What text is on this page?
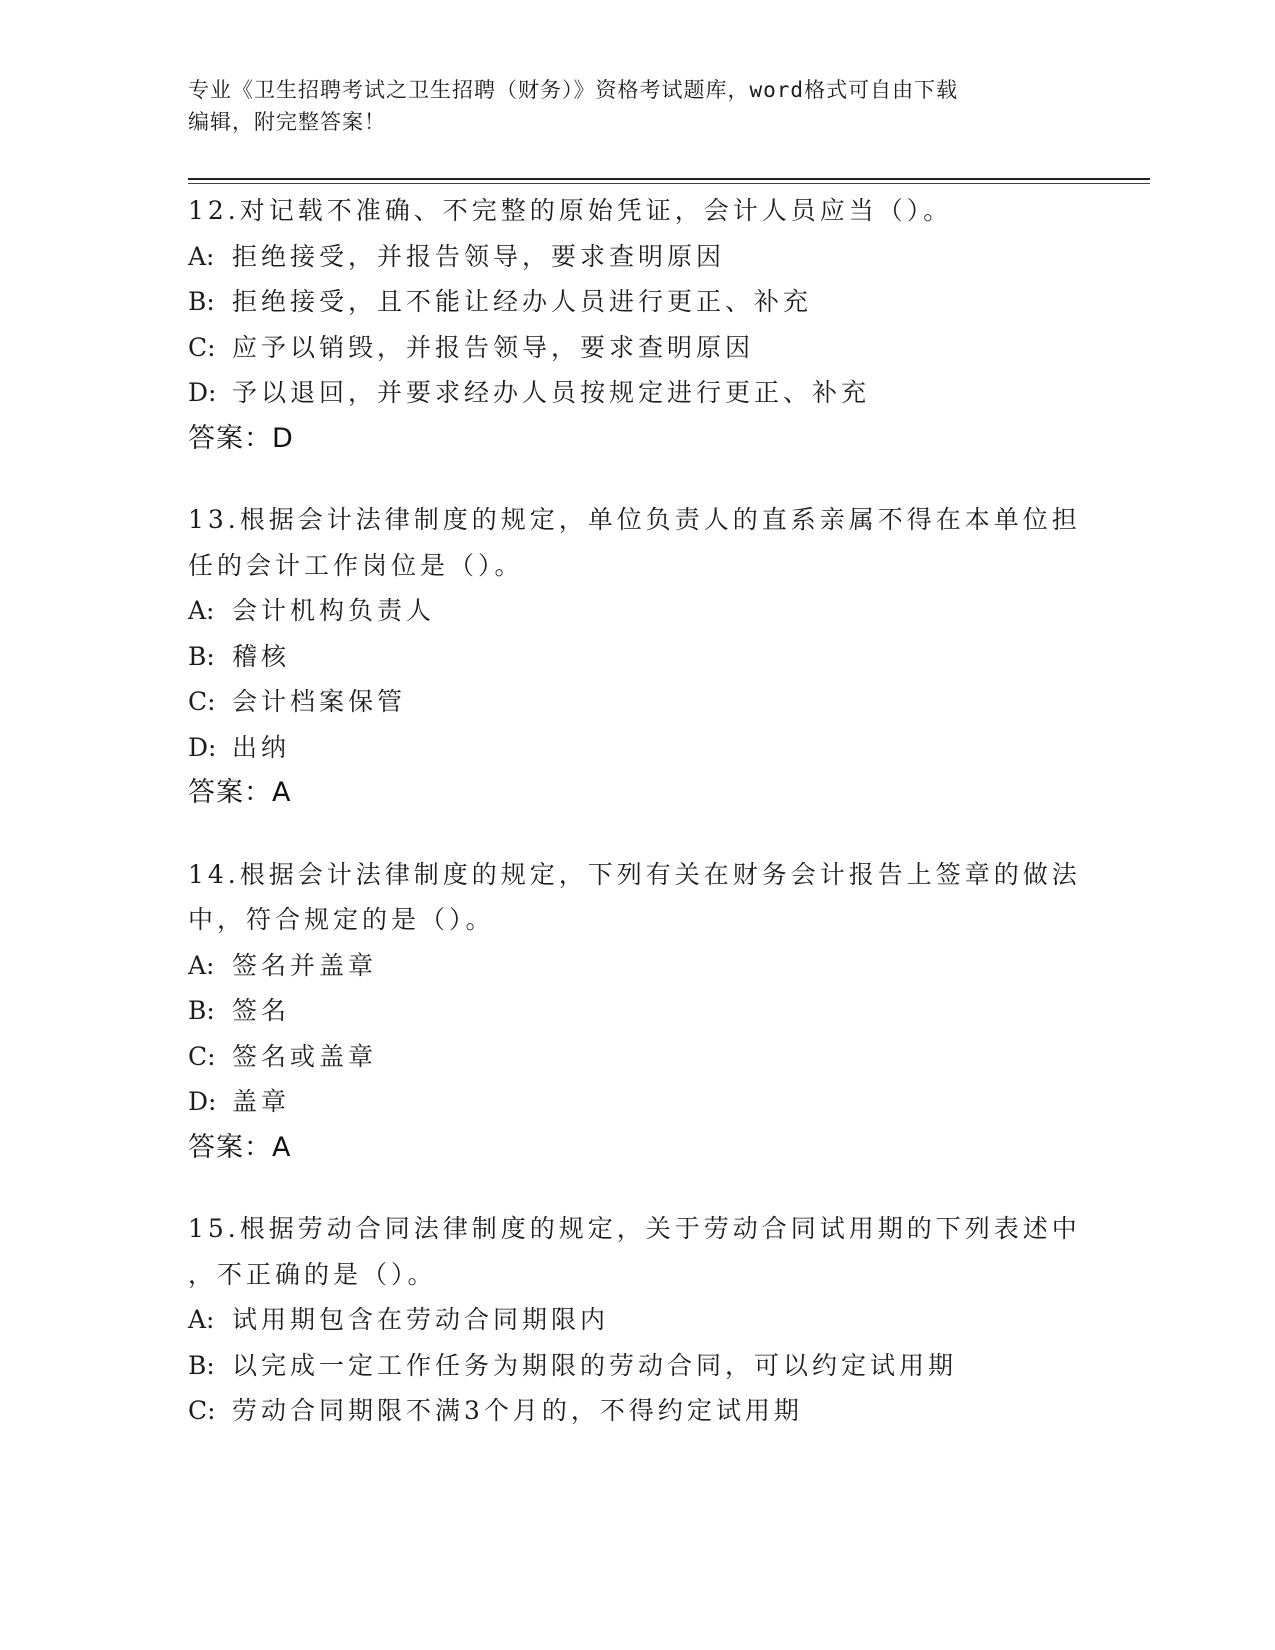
专业《卫生招聘考试之卫生招聘（财务）》资格考试题库，word格式可自由下载
编辑，附完整答案！
12.对记载不准确、不完整的原始凭证，会计人员应当（）。
A: 拒绝接受，并报告领导，要求查明原因
B: 拒绝接受，且不能让经办人员进行更正、补充
C: 应予以销毁，并报告领导，要求查明原因
D: 予以退回，并要求经办人员按规定进行更正、补充
答案：D
13.根据会计法律制度的规定，单位负责人的直系亲属不得在本单位担
任的会计工作岗位是（）。
A: 会计机构负责人
B: 稽核
C: 会计档案保管
D: 出纳
答案：A
14.根据会计法律制度的规定，下列有关在财务会计报告上签章的做法
中，符合规定的是（）。
A: 签名并盖章
B: 签名
C: 签名或盖章
D: 盖章
答案：A
15.根据劳动合同法律制度的规定，关于劳动合同试用期的下列表述中
，不正确的是（）。
A: 试用期包含在劳动合同期限内
B: 以完成一定工作任务为期限的劳动合同，可以约定试用期
C: 劳动合同期限不满3个月的，不得约定试用期
